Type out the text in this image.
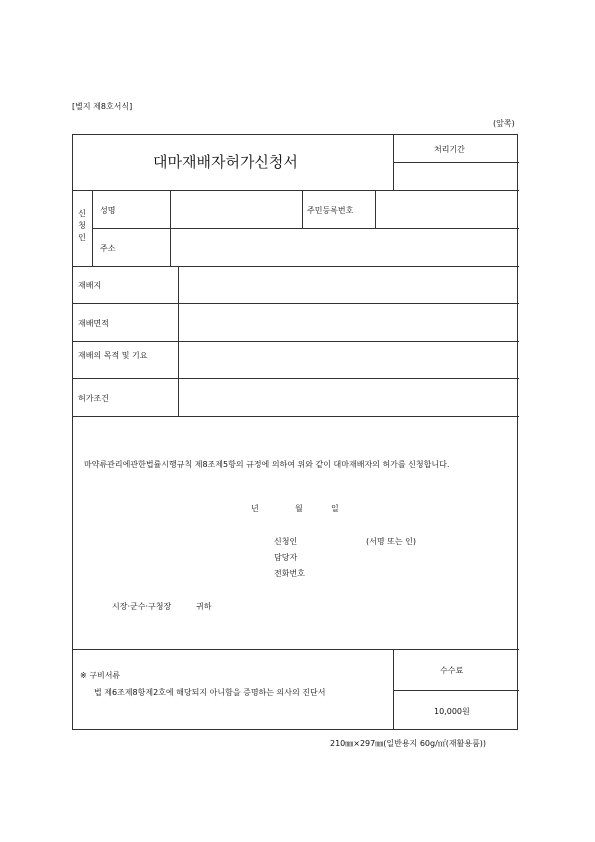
[별지 제8호서식]
(앞쪽)
대마재배자허가신청서
처리기간
신청인
성명	주민등록번호
주소
재배지
재배면적
재배의 목적 및 기요
허가조건
마약류관리에관한법률시행규칙 제8조제5항의 규정에 의하여 위와 같이 대마재배자의 허가를 신청합니다.
년	월	일
신청인	(서명 또는 인)
담당자
전화번호
시장·군수·구청장	귀하
※ 구비서류
법 제6조제8항제2호에 해당되지 아니함을 증명하는 의사의 진단서
수수료
10,000원
210㎜×297㎜(일반용지 60g/㎡(재활용품))
